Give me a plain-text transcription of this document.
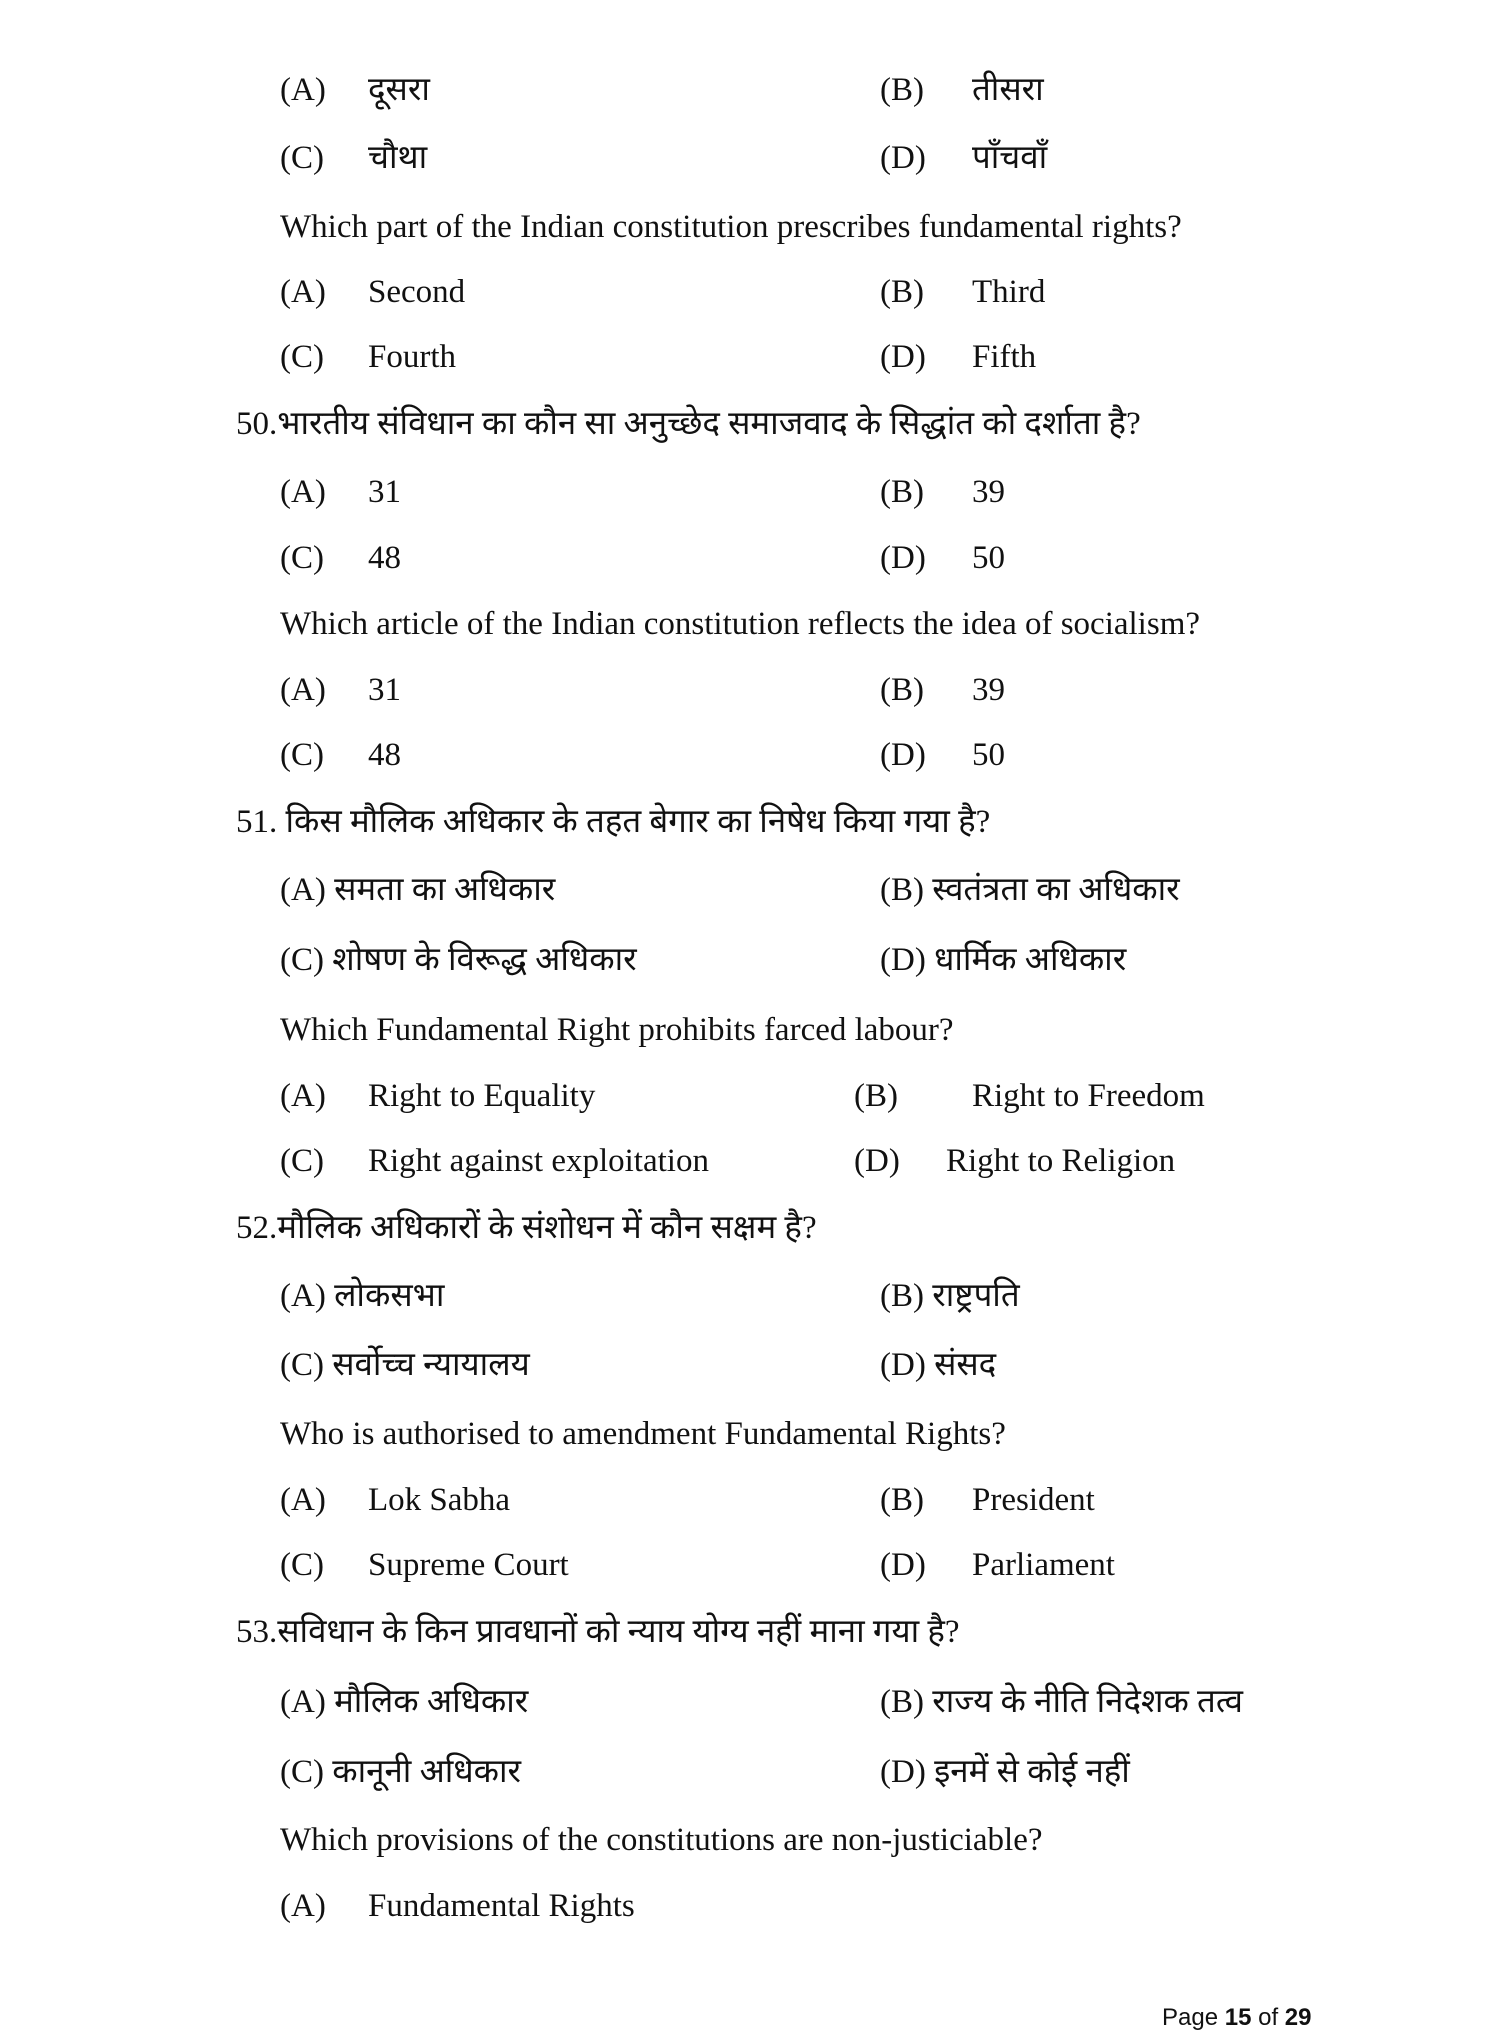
(A) दूसरा	(B) तीसरा
(C) चौथा	(D) पाँचवाँ
Which part of the Indian constitution prescribes fundamental rights?
(A) Second	(B) Third
(C) Fourth	(D) Fifth
50.भारतीय संविधान का कौन सा अनुच्छेद समाजवाद के सिद्धांत को दर्शाता है?
(A) 31	(B) 39
(C) 48	(D) 50
Which article of the Indian constitution reflects the idea of socialism?
(A) 31	(B) 39
(C) 48	(D) 50
51. किस मौलिक अधिकार के तहत बेगार का निषेध किया गया है?
(A) समता का अधिकार	(B) स्वतंत्रता का अधिकार
(C) शोषण के विरूद्ध अधिकार	(D) धार्मिक अधिकार
Which Fundamental Right prohibits farced labour?
(A) Right to Equality	(B) Right to Freedom
(C) Right against exploitation	(D) Right to Religion
52.मौलिक अधिकारों के संशोधन में कौन सक्षम है?
(A) लोकसभा	(B) राष्ट्रपति
(C) सर्वोच्च न्यायालय	(D) संसद
Who is authorised to amendment Fundamental Rights?
(A) Lok Sabha	(B) President
(C) Supreme Court	(D) Parliament
53.सविधान के किन प्रावधानों को न्याय योग्य नहीं माना गया है?
(A) मौलिक अधिकार	(B) राज्य के नीति निदेशक तत्व
(C) कानूनी अधिकार	(D) इनमें से कोई नहीं
Which provisions of the constitutions are non-justiciable?
(A) Fundamental Rights
Page 15 of 29
